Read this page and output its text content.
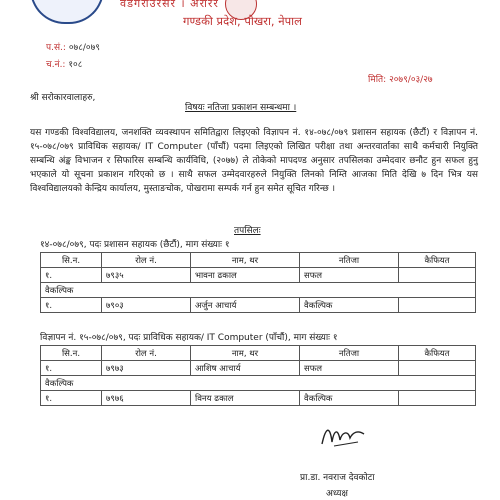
वडगराउरसर । अरारर
गण्डकी प्रदेश, पोखरा, नेपाल
प.सं.: ०७८/०७९
च.नं.: १०८
मिति: २०७९/०३/२७
श्री सरोकारवालाहरु,
विषयः नतिजा प्रकाशन सम्बन्धमा ।
यस गण्डकी विश्वविद्यालय, जनशक्ति व्यवस्थापन समितिद्वारा लिइएको विज्ञापन नं. १४-०७८/०७९ प्रशासन सहायक (छैटौं) र विज्ञापन नं. १५-०७८/०७९ प्राविधिक सहायक/ IT Computer (पाँचौं) पदमा लिइएको लिखित परीक्षा तथा अन्तरवार्ताका साथै कर्मचारी नियुक्ति सम्बन्धि अंङ्क विभाजन र सिफारिस सम्बन्धि कार्यविधि, (२०७७) ले तोकेको मापदण्ड अनुसार तपसिलका उम्मेदवार छनौट हुन सफल हुनु भएकाले यो सूचना प्रकाशन गरिएको छ । साथै सफल उम्मेदवारहरुले नियुक्ति लिनको निम्ति आजका मिति देखि ७ दिन भित्र यस विश्वविद्यालयको केन्द्रिय कार्यालय, मुस्ताङचोक, पोखरामा सम्पर्क गर्न हुन समेत सूचित गरिन्छ ।
तपसिलः
१४-०७८/०७९, पदः प्रशासन सहायक (छैटौं), माग संख्याः १
सि.न.	रोल नं.	नाम, थर	नतिजा	कैफियत
१.	७९३५	भावना ढकाल	सफल	
वैकल्पिक				
१.	७९०३	अर्जुन आचार्य	वैकल्पिक	
विज्ञापन नं. १५-०७८/०७९, पदः प्राविधिक सहायक/ IT Computer (पाँचौं), माग संख्याः १
सि.न.	रोल नं.	नाम, थर	नतिजा	कैफियत
१.	७९७३	आशिष आचार्य	सफल	
वैकल्पिक				
१.	७९७६	विनय ढकाल	वैकल्पिक	
प्रा.डा. नवराज देवकोटा
अध्यक्ष
